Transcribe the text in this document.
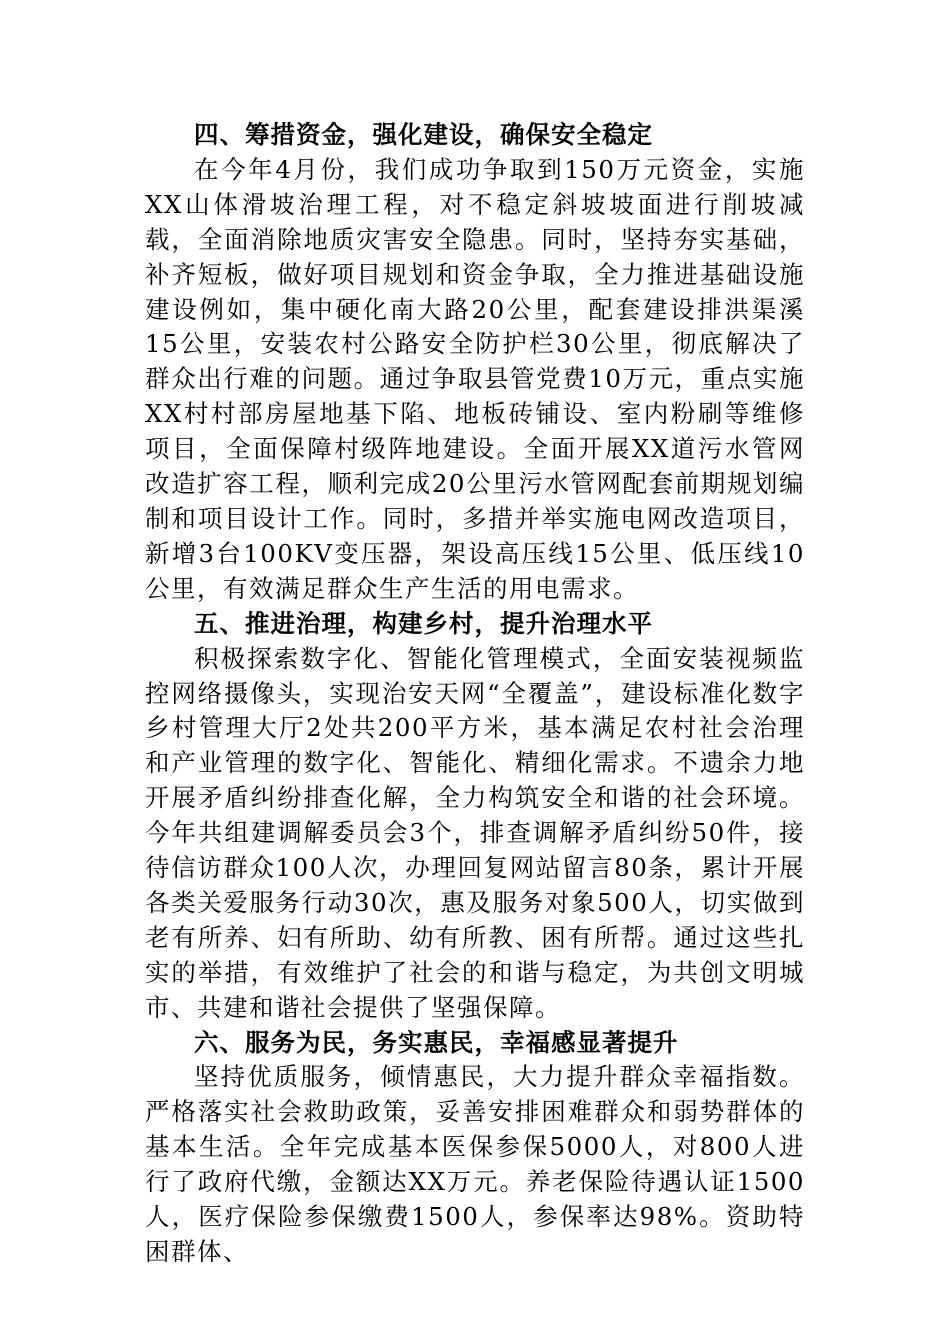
四、筹措资金，强化建设，确保安全稳定

在今年4月份，我们成功争取到150万元资金，实施XX山体滑坡治理工程，对不稳定斜坡坡面进行削坡减载，全面消除地质灾害安全隐患。同时，坚持夯实基础，补齐短板，做好项目规划和资金争取，全力推进基础设施建设例如，集中硬化南大路20公里，配套建设排洪渠溪15公里，安装农村公路安全防护栏30公里，彻底解决了群众出行难的问题。通过争取县管党费10万元，重点实施XX村村部房屋地基下陷、地板砖铺设、室内粉刷等维修项目，全面保障村级阵地建设。全面开展XX道污水管网改造扩容工程，顺利完成20公里污水管网配套前期规划编制和项目设计工作。同时，多措并举实施电网改造项目，新增3台100KV变压器，架设高压线15公里、低压线10公里，有效满足群众生产生活的用电需求。

五、推进治理，构建乡村，提升治理水平

积极探索数字化、智能化管理模式，全面安装视频监控网络摄像头，实现治安天网“全覆盖”，建设标准化数字乡村管理大厅2处共200平方米，基本满足农村社会治理和产业管理的数字化、智能化、精细化需求。不遗余力地开展矛盾纠纷排查化解，全力构筑安全和谐的社会环境。今年共组建调解委员会3个，排查调解矛盾纠纷50件，接待信访群众100人次，办理回复网站留言80条，累计开展各类关爱服务行动30次，惠及服务对象500人，切实做到老有所养、妇有所助、幼有所教、困有所帮。通过这些扎实的举措，有效维护了社会的和谐与稳定，为共创文明城市、共建和谐社会提供了坚强保障。

六、服务为民，务实惠民，幸福感显著提升

坚持优质服务，倾情惠民，大力提升群众幸福指数。严格落实社会救助政策，妥善安排困难群众和弱势群体的基本生活。全年完成基本医保参保5000人，对800人进行了政府代缴，金额达XX万元。养老保险待遇认证1500人，医疗保险参保缴费1500人，参保率达98%。资助特困群体、
